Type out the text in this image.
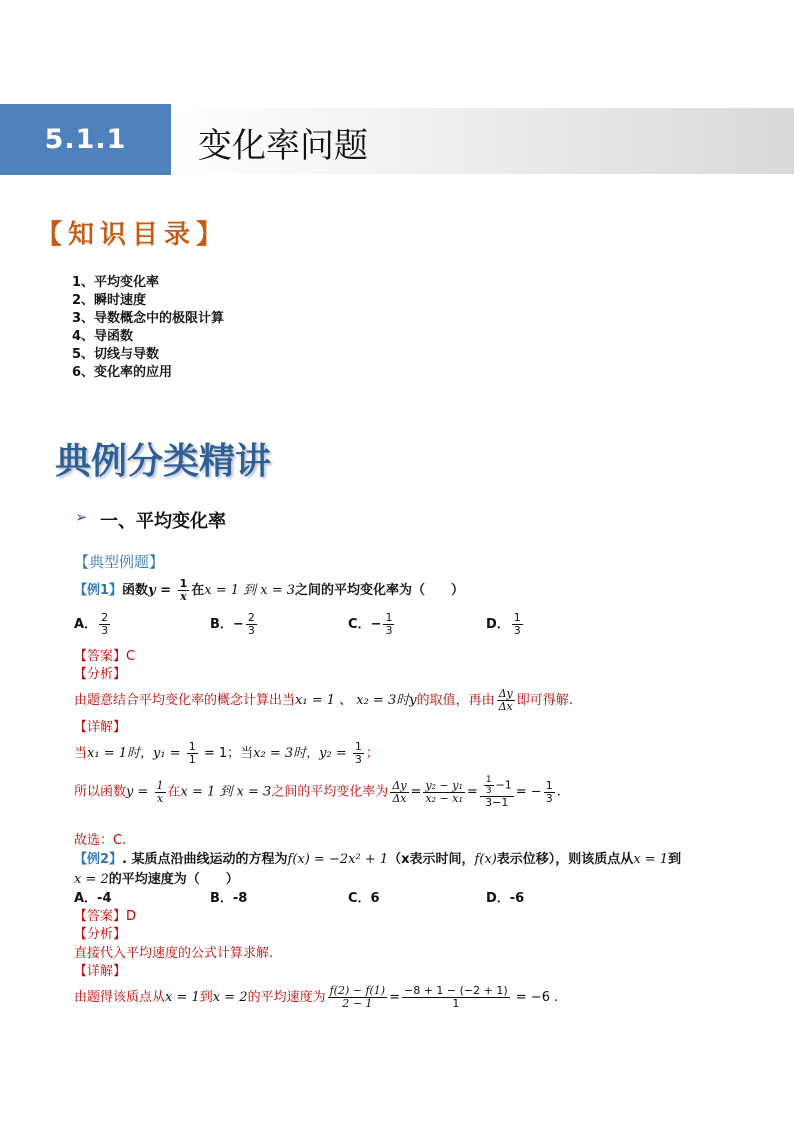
5.1.1	变化率问题
【知识目录】
1、平均变化率
2、瞬时速度
3、导数概念中的极限计算
4、导函数
5、切线与导数
6、变化率的应用
典例分类精讲
➢ 一、平均变化率
【典型例题】
【例1】函数$y = \frac{1}{x}$ 在x = 1 到 x = 3之间的平均变化率为（　　）
A． $\frac{2}{3}$	B．− $\frac{2}{3}$	C．− $\frac{1}{3}$	D． $\frac{1}{3}$
【答案】C
【分析】
由题意结合平均变化率的概念计算出当x₁ = 1 、 x₂ = 3时y的取值，再由 $\frac{\Delta y}{\Delta x}$ 即可得解.
【详解】
当x₁ = 1时，$y_1 = \frac{1}{1} = 1$；当x₂ = 3时，$y_2 = \frac{1}{3}$ ；
所以函数$y = \frac{1}{x}$ 在x = 1 到 x = 3之间的平均变化率为 $\frac{\Delta y}{\Delta x} = \frac{\text{y₂ − y₁}}{\text{x₂ − x₁}} = \frac{\frac{1}{3} -1}{3-1}$ = − $\frac{1}{3}$ .
故选：C.
【例2】. 某质点沿曲线运动的方程为f(x) = −2x² + 1（x表示时间，f(x)表示位移），则该质点从x = 1到
x = 2的平均速度为（　　）
A．-4	B．-8	C．6	D．-6
【答案】D
【分析】
直接代入平均速度的公式计算求解.
【详解】
由题得该质点从x = 1到x = 2的平均速度为 $\frac{f(2) - f(1)}{2 - 1} = \frac{-8 + 1 - (-2 + 1)}{1} = -6$ .
